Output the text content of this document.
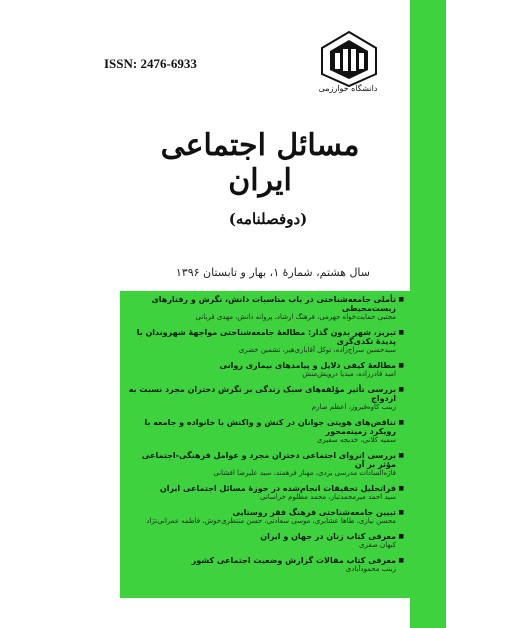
ISSN: 2476-6933
دانشگاه خوارزمی
مسائل اجتماعی ایران
(دوفصلنامه)
سال هشتم، شمارۀ ۱، بهار و تابستان ۱۳۹۶
■ تأملی جامعه‌شناختی در باب مناسبات دانش، نگرش و رفتارهای زیست‌محیطی
مجتبی حمایت‌خواه جهرمی، فرهنگ ارشاد، پروانه دانش، مهدی قربانی
■ تبریز، شهر بدون گذار: مطالعۀ جامعه‌شناختی مواجهۀ شهروندان با پدیدۀ تکدی‌گری
سیدحسین سراج‌زاده، توکل آقایاری‌هیر، تشمین خضری
■ مطالعۀ کیفی دلایل و پیامدهای بیماری روانی
امید قادرزاده، میدیا درویش‌منش
■ بررسی تأثیر مؤلفه‌های سبک زندگی بر نگرش دختران مجرد نسبت به ازدواج
زینب کاوه‌فیروز، اعظم صارم
■ تناقض‌های هویتی جوانان در کنش و واکنش با خانواده و جامعه با رویکرد زمینه‌محور
سمیه کلانی، خدیجه سفیری
■ بررسی انزوای اجتماعی دختران مجرد و عوامل فرهنگی-اجتماعی مؤثر بر آن
فاژه‌السادات مدرسی یزدی، مهناز فرهمند، سید علیرضا افشانی
■ فراتحلیل تحقیقات انجام‌شده در حوزۀ مسائل اجتماعی ایران
سید احمد میرمحمدتبار، محمد مظلوم خراسانی
■ تبیین جامعه‌شناختی فرهنگ فقر روستایی
محسن نیازی، طاها عشایری، موسی سعادتی، حسن منتظری‌خوش، فاطمه عمرانی‌تژاد
■ معرفی کتاب زنان در جهان و ایران
کیهان صفری
■ معرفی کتاب مقالات گزارش وضعیت اجتماعی کشور
زینب محمودآبادی
